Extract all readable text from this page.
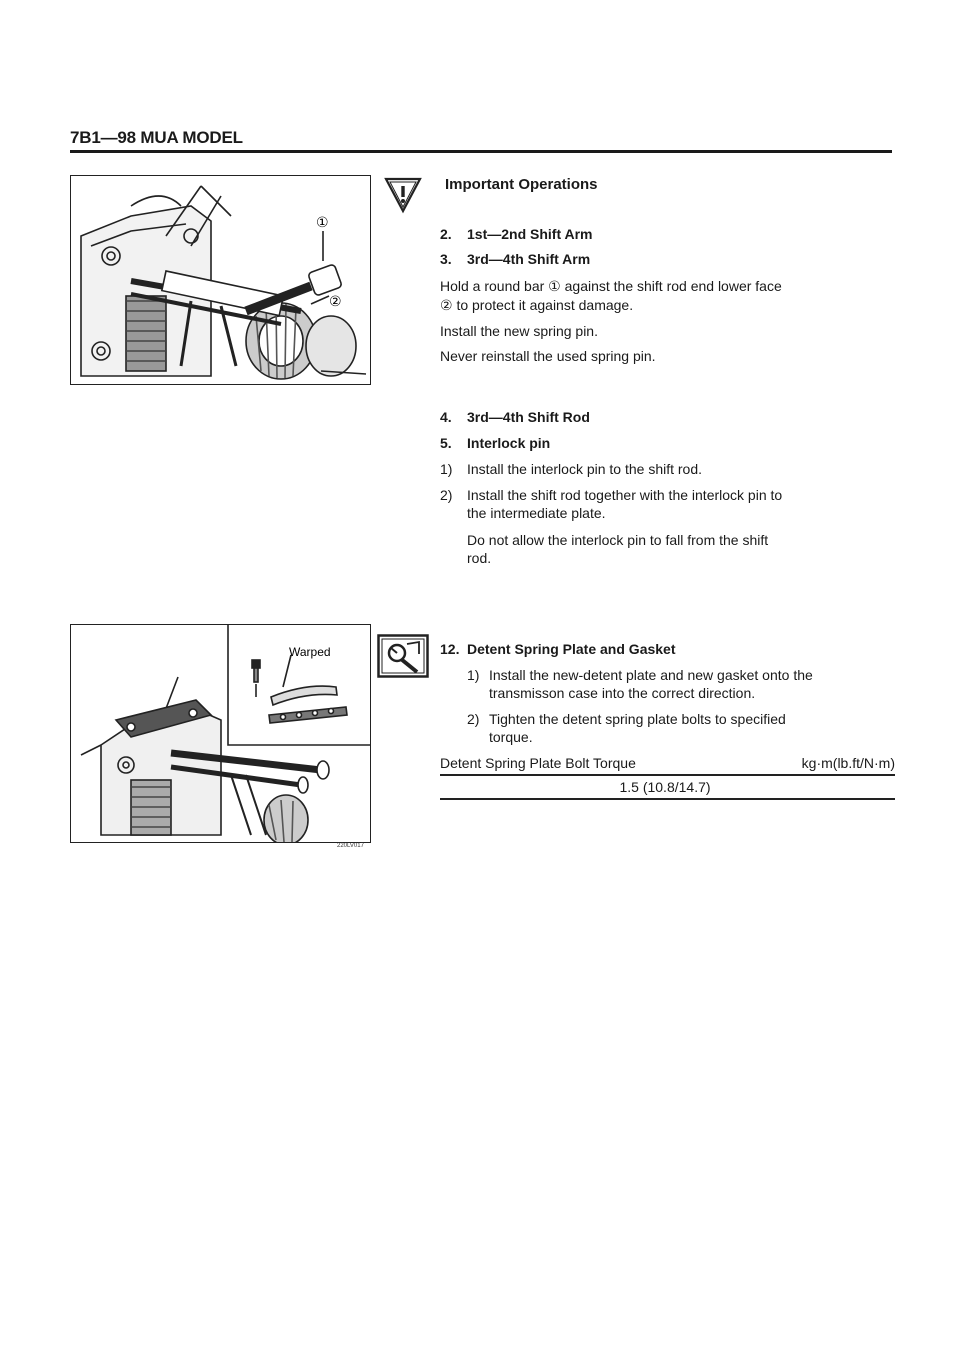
7B1—98 MUA MODEL
①
②
Important Operations
2. 1st—2nd Shift Arm
3. 3rd—4th Shift Arm
Hold a round bar ① against the shift rod end lower face
② to protect it against damage.
Install the new spring pin.
Never reinstall the used spring pin.
4. 3rd—4th Shift Rod
5. Interlock pin
1) Install the interlock pin to the shift rod.
2) Install the shift rod together with the interlock pin to
the intermediate plate.
Do not allow the interlock pin to fall from the shift
rod.
Warped
220LV017
12. Detent Spring Plate and Gasket
1) Install the new-detent plate and new gasket onto the
transmisson case into the correct direction.
2) Tighten the detent spring plate bolts to specified
torque.
Detent Spring Plate Bolt Torque	kg·m(lb.ft/N·m)
1.5 (10.8/14.7)
